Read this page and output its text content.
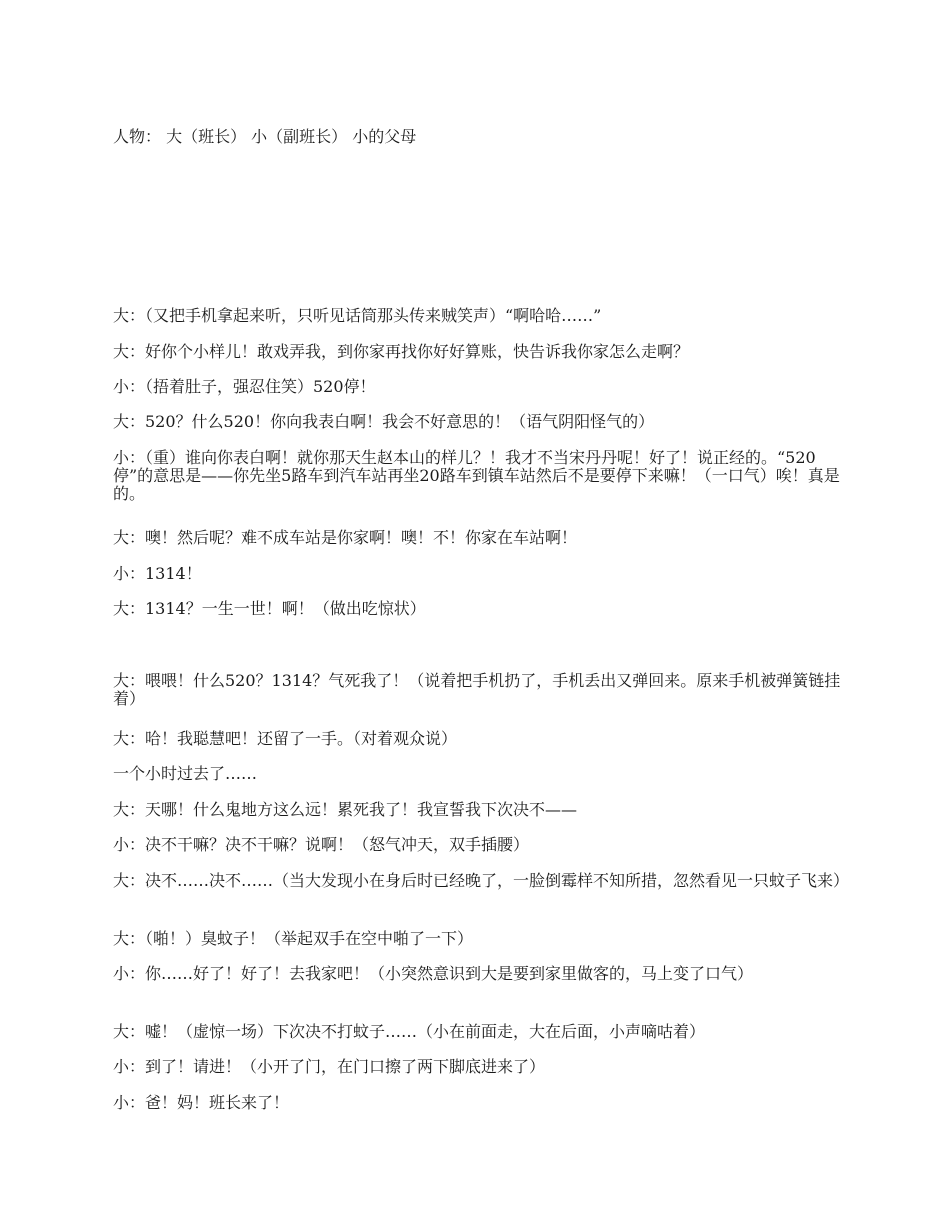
人物： 大（班长） 小（副班长） 小的父母
大：（又把手机拿起来听，只听见话筒那头传来贼笑声）“啊哈哈……”
大：好你个小样儿！敢戏弄我，到你家再找你好好算账，快告诉我你家怎么走啊？
小：（捂着肚子，强忍住笑）520停！
大：520？什么520！你向我表白啊！我会不好意思的！（语气阴阳怪气的）
小：（重）谁向你表白啊！就你那天生赵本山的样儿？！我才不当宋丹丹呢！好了！说正经的。“520停”的意思是——你先坐5路车到汽车站再坐20路车到镇车站然后不是要停下来嘛！（一口气）唉！真是的。
大：噢！然后呢？难不成车站是你家啊！噢！不！你家在车站啊！
小：1314！
大：1314？一生一世！啊！（做出吃惊状）
大：喂喂！什么520？1314？气死我了！（说着把手机扔了，手机丢出又弹回来。原来手机被弹簧链挂着）
大：哈！我聪慧吧！还留了一手。（对着观众说）
一个小时过去了……
大：天哪！什么鬼地方这么远！累死我了！我宣誓我下次决不——
小：决不干嘛？决不干嘛？说啊！（怒气冲天，双手插腰）
大：决不……决不……（当大发现小在身后时已经晚了，一脸倒霉样不知所措，忽然看见一只蚊子飞来）
大：（啪！）臭蚊子！（举起双手在空中啪了一下）
小：你……好了！好了！去我家吧！（小突然意识到大是要到家里做客的，马上变了口气）
大：嘘！（虚惊一场）下次决不打蚊子……（小在前面走，大在后面，小声嘀咕着）
小：到了！请进！（小开了门，在门口擦了两下脚底进来了）
小：爸！妈！班长来了！
